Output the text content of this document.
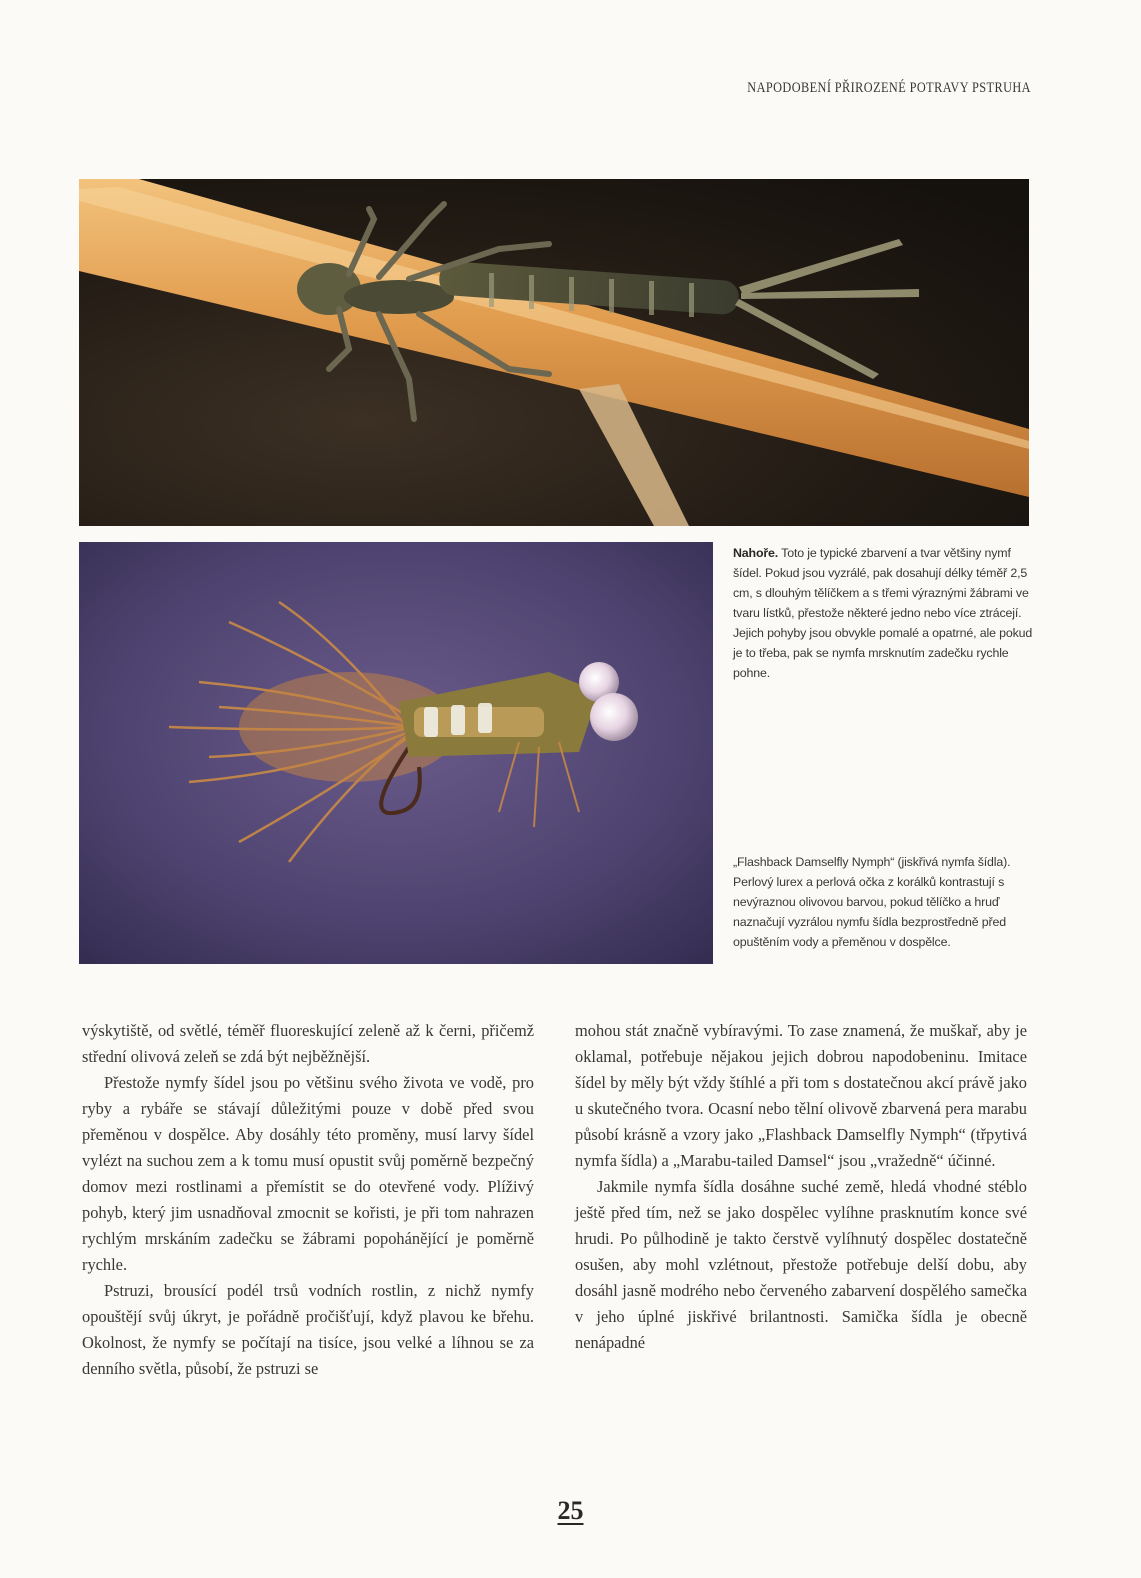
NAPODOBENÍ PŘIROZENÉ POTRAVY PSTRUHA
Nahoře. Toto je typické zbarvení a tvar většiny nymf šídel. Pokud jsou vyzrálé, pak dosahují délky téměř 2,5 cm, s dlouhým tělíčkem a s třemi výraznými žábrami ve tvaru lístků, přestože některé jedno nebo více ztrácejí. Jejich pohyby jsou obvykle pomalé a opatrné, ale pokud je to třeba, pak se nymfa mrsknutím zadečku rychle pohne.
„Flashback Damselfly Nymph“ (jiskřivá nymfa šídla). Perlový lurex a perlová očka z korálků kontrastují s nevýraznou olivovou barvou, pokud tělíčko a hruď naznačují vyzrálou nymfu šídla bezprostředně před opuštěním vody a přeměnou v dospělce.

výskytiště, od světlé, téměř fluoreskující zeleně až k černi, přičemž střední olivová zeleň se zdá být nejběžnější.

Přestože nymfy šídel jsou po většinu svého života ve vodě, pro ryby a rybáře se stávají důležitými pouze v době před svou přeměnou v dospělce. Aby dosáhly této proměny, musí larvy šídel vylézt na suchou zem a k tomu musí opustit svůj poměrně bezpečný domov mezi rostlinami a přemístit se do otevřené vody. Plíživý pohyb, který jim usnadňoval zmocnit se kořisti, je při tom nahrazen rychlým mrskáním zadečku se žábrami popohánějící je poměrně rychle.

Pstruzi, brousící podél trsů vodních rostlin, z nichž nymfy opouštějí svůj úkryt, je pořádně pročišťují, když plavou ke břehu. Okolnost, že nymfy se počítají na tisíce, jsou velké a líhnou se za denního světla, působí, že pstruzi se

mohou stát značně vybíravými. To zase znamená, že muškař, aby je oklamal, potřebuje nějakou jejich dobrou napodobeninu. Imitace šídel by měly být vždy štíhlé a při tom s dostatečnou akcí právě jako u skutečného tvora. Ocasní nebo tělní olivově zbarvená pera marabu působí krásně a vzory jako „Flashback Damselfly Nymph“ (třpytivá nymfa šídla) a „Marabu-tailed Damsel“ jsou „vražedně“ účinné.

Jakmile nymfa šídla dosáhne suché země, hledá vhodné stéblo ještě před tím, než se jako dospělec vylíhne prasknutím konce své hrudi. Po půlhodině je takto čerstvě vylíhnutý dospělec dostatečně osušen, aby mohl vzlétnout, přestože potřebuje delší dobu, aby dosáhl jasně modrého nebo červeného zabarvení dospělého samečka v jeho úplné jiskřivé brilantnosti. Samička šídla je obecně nenápadné

25
